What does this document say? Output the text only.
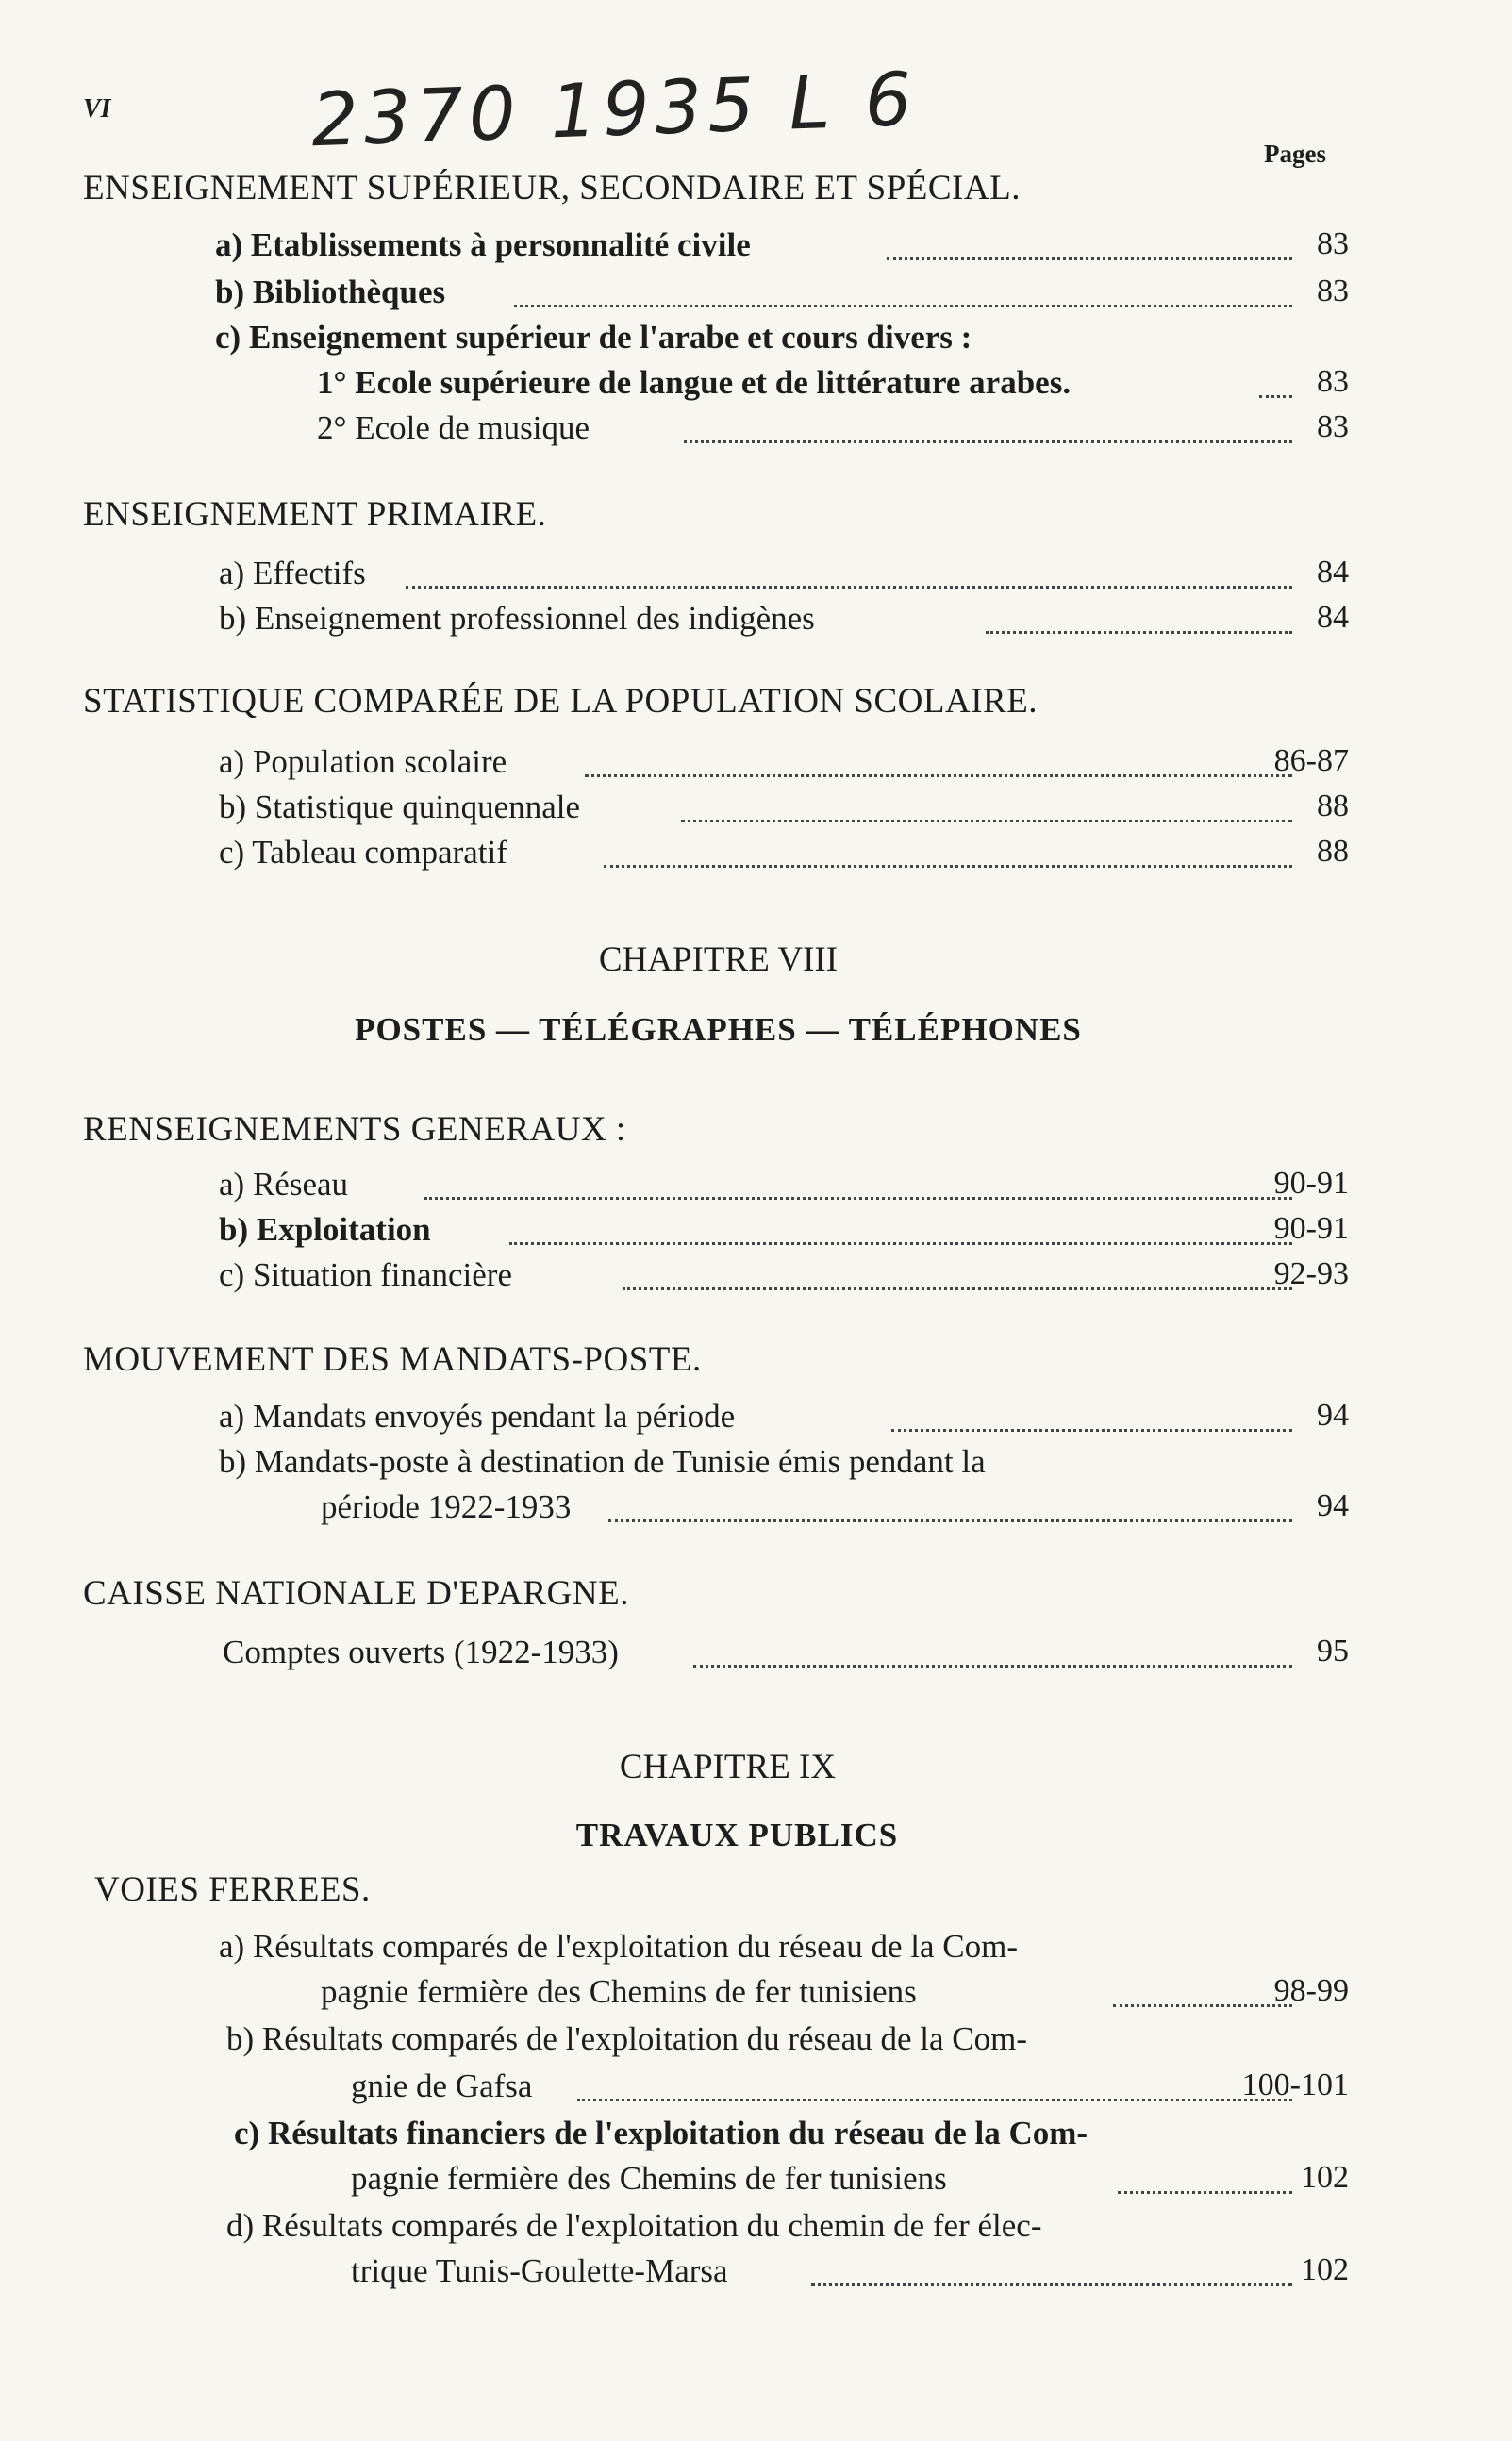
VI	2370 1935 L 6	Pages
ENSEIGNEMENT SUPÉRIEUR, SECONDAIRE ET SPÉCIAL.
a) Etablissements à personnalité civile	83
b) Bibliothèques	83
c) Enseignement supérieur de l'arabe et cours divers :
1° Ecole supérieure de langue et de littérature arabes.	83
2° Ecole de musique	83
ENSEIGNEMENT PRIMAIRE.
a) Effectifs	84
b) Enseignement professionnel des indigènes	84
STATISTIQUE COMPARÉE DE LA POPULATION SCOLAIRE.
a) Population scolaire	86-87
b) Statistique quinquennale	88
c) Tableau comparatif	88
CHAPITRE VIII
POSTES — TÉLÉGRAPHES — TÉLÉPHONES
RENSEIGNEMENTS GENERAUX :
a) Réseau	90-91
b) Exploitation	90-91
c) Situation financière	92-93
MOUVEMENT DES MANDATS-POSTE.
a) Mandats envoyés pendant la période	94
b) Mandats-poste à destination de Tunisie émis pendant la
période 1922-1933	94
CAISSE NATIONALE D'EPARGNE.
Comptes ouverts (1922-1933)	95
CHAPITRE IX
TRAVAUX PUBLICS
VOIES FERREES.
a) Résultats comparés de l'exploitation du réseau de la Com-
pagnie fermière des Chemins de fer tunisiens	98-99
b) Résultats comparés de l'exploitation du réseau de la Com-
gnie de Gafsa	100-101
c) Résultats financiers de l'exploitation du réseau de la Com-
pagnie fermière des Chemins de fer tunisiens	102
d) Résultats comparés de l'exploitation du chemin de fer élec-
trique Tunis-Goulette-Marsa	102
